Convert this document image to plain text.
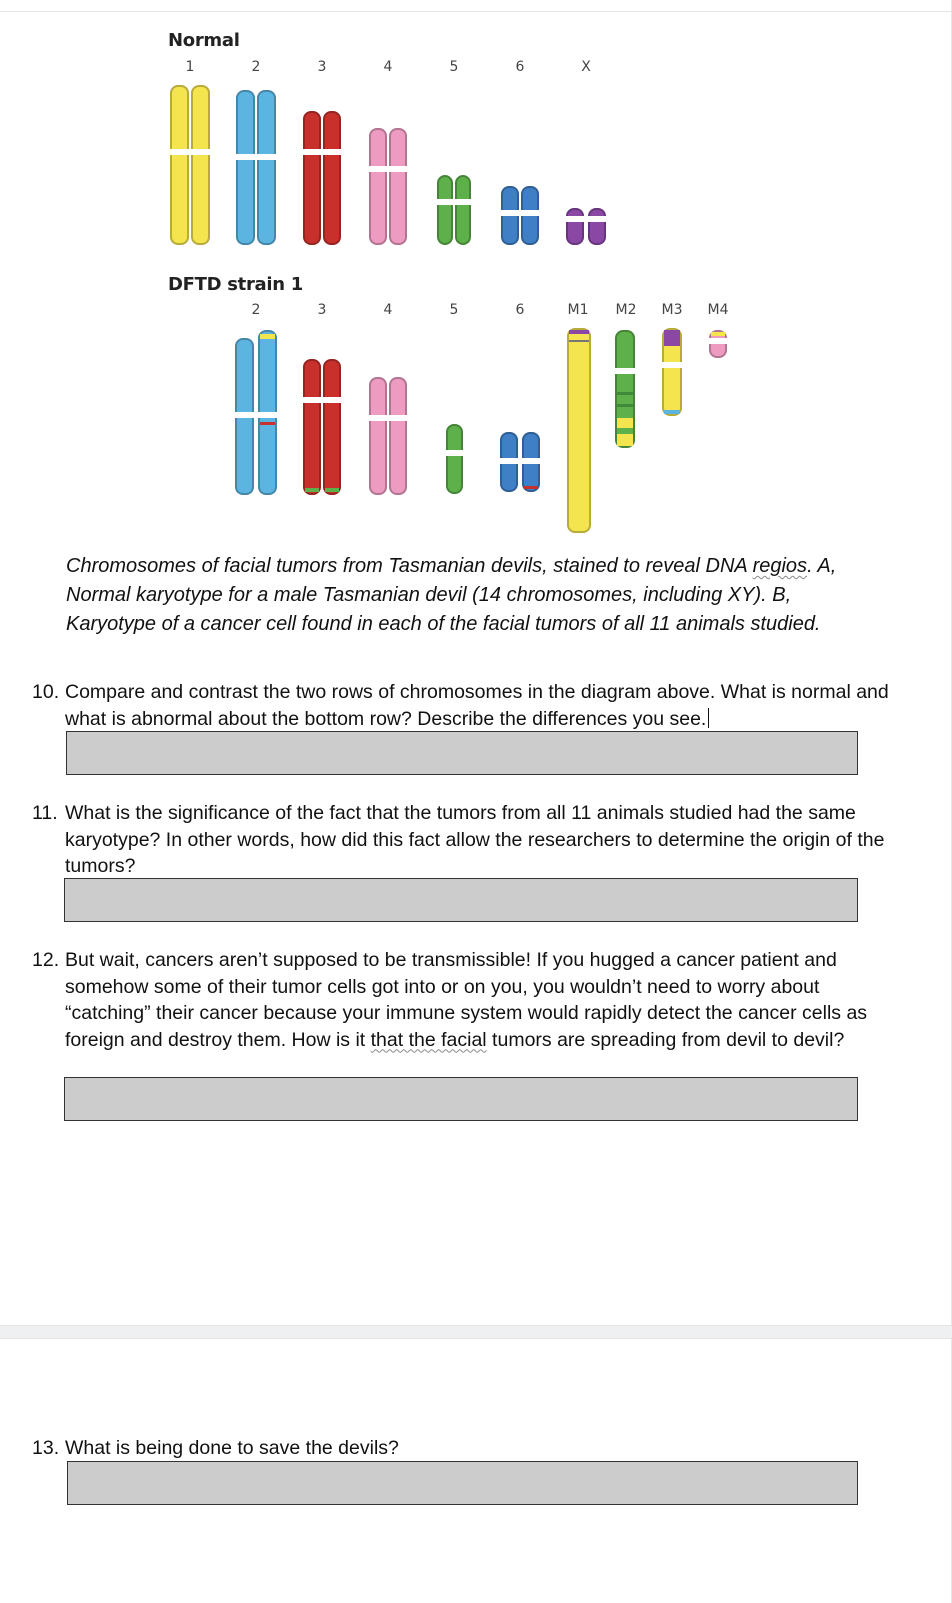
Normal
1	2	3	4	5	6	X
DFTD strain 1
2	3	4	5	6	M1	M2	M3	M4
Chromosomes of facial tumors from Tasmanian devils, stained to reveal DNA regios. A, Normal karyotype for a male Tasmanian devil (14 chromosomes, including XY). B, Karyotype of a cancer cell found in each of the facial tumors of all 11 animals studied.
10. Compare and contrast the two rows of chromosomes in the diagram above. What is normal and what is abnormal about the bottom row? Describe the differences you see.
11. What is the significance of the fact that the tumors from all 11 animals studied had the same karyotype? In other words, how did this fact allow the researchers to determine the origin of the tumors?
12. But wait, cancers aren’t supposed to be transmissible! If you hugged a cancer patient and somehow some of their tumor cells got into or on you, you wouldn’t need to worry about “catching” their cancer because your immune system would rapidly detect the cancer cells as foreign and destroy them. How is it that the facial tumors are spreading from devil to devil?
13. What is being done to save the devils?
